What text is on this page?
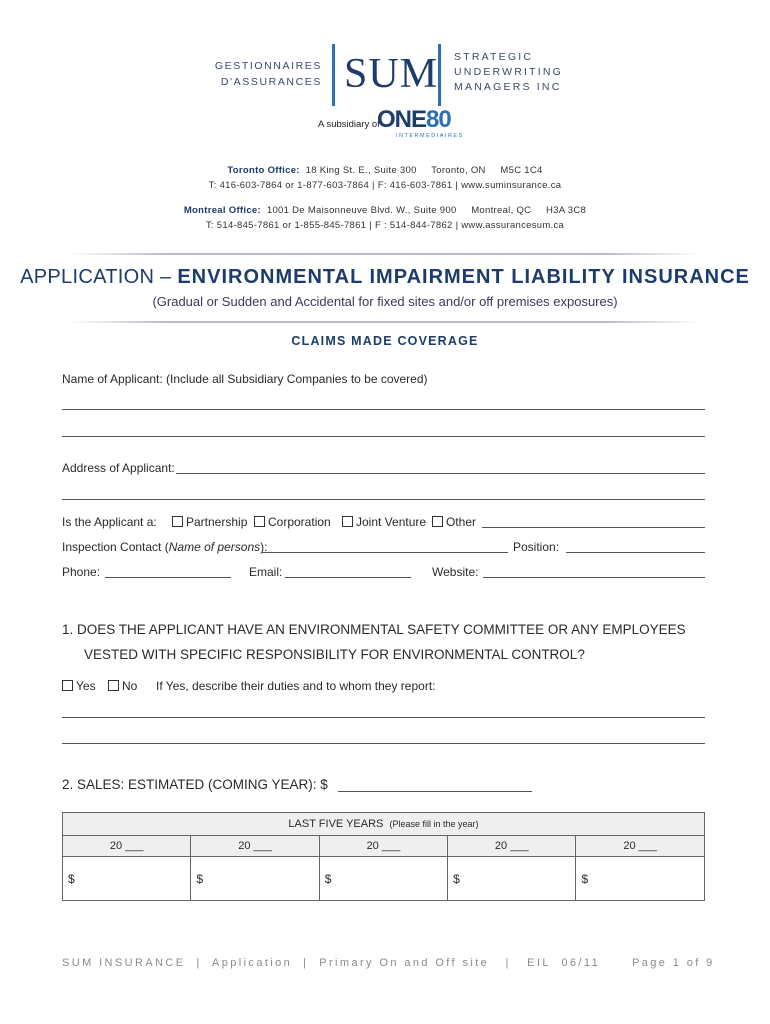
GESTIONNAIRES
D'ASSURANCES SUM STRATEGIC
UNDERWRITING
MANAGERS INC
A subsidiary of
ONE80
INTERMEDIAIRES
Toronto Office: 18 King St. E., Suite 300     Toronto, ON     M5C 1C4
T: 416-603-7864 or 1-877-603-7864 | F: 416-603-7861 | www.suminsurance.ca
Montreal Office: 1001 De Maisonneuve Blvd. W., Suite 900     Montreal, QC     H3A 3C8
T: 514-845-7861 or 1-855-845-7861 | F : 514-844-7862 | www.assurancesum.ca
APPLICATION – ENVIRONMENTAL IMPAIRMENT LIABILITY INSURANCE
(Gradual or Sudden and Accidental for fixed sites and/or off premises exposures)
CLAIMS MADE COVERAGE
Name of Applicant: (Include all Subsidiary Companies to be covered)
Address of Applicant:
Is the Applicant a:	Partnership	Corporation	Joint Venture	Other
Inspection Contact (Name of persons):	Position:
Phone:	Email:	Website:
1. DOES THE APPLICANT HAVE AN ENVIRONMENTAL SAFETY COMMITTEE OR ANY EMPLOYEES
VESTED WITH SPECIFIC RESPONSIBILITY FOR ENVIRONMENTAL CONTROL?
Yes	No If Yes, describe their duties and to whom they report:
2. SALES: ESTIMATED (COMING YEAR): $
LAST FIVE YEARS (Please fill in the year)				
20 ___	20 ___	20 ___	20 ___	20 ___
$	$	$	$	$
SUM INSURANCE  |  Application  |  Primary On and Off site   |   EIL  06/11	Page 1 of 9
